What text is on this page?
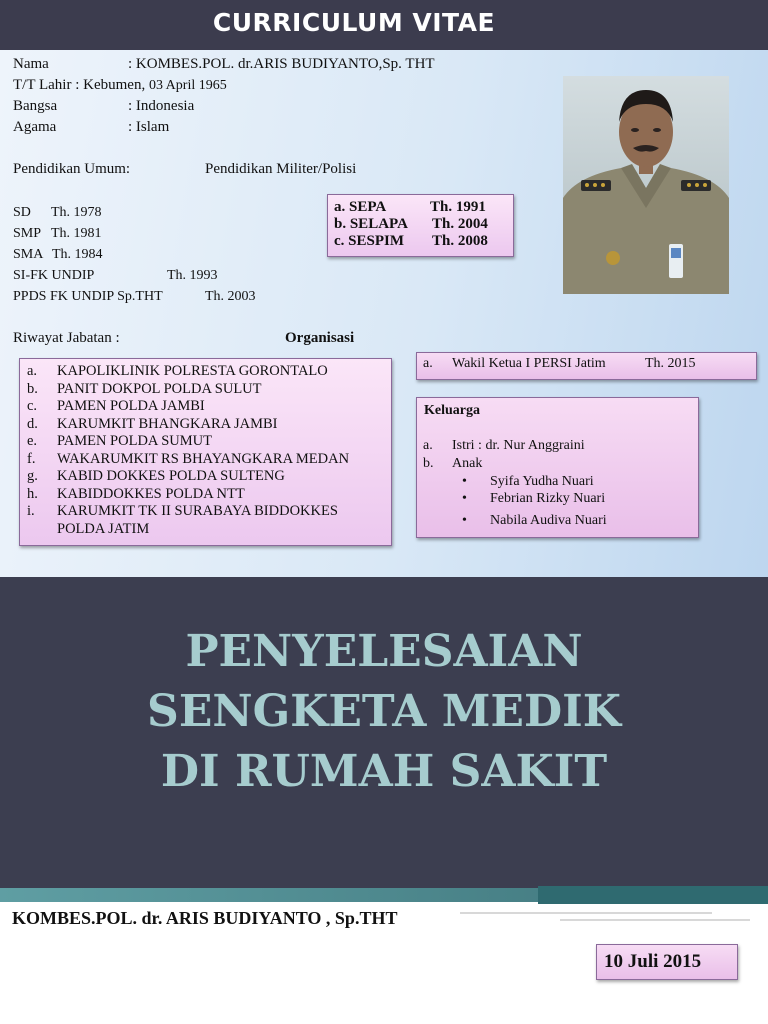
CURRICULUM VITAE
Nama	: KOMBES.POL. dr.ARIS BUDIYANTO,Sp. THT
T/T Lahir : Kebumen, 03 April 1965
Bangsa	: Indonesia
Agama	: Islam
Pendidikan Umum:	Pendidikan Militer/Polisi
SD Th. 1978
SMP Th. 1981
SMA Th. 1984
SI-FK UNDIP	Th. 1993
PPDS FK UNDIP Sp.THT	Th. 2003
a. SEPA	Th. 1991
b. SELAPA Th. 2004
c. SESPIM Th. 2008
Riwayat Jabatan :	Organisasi
a. KAPOLIKLINIK POLRESTA GORONTALO
b. PANIT DOKPOL POLDA SULUT
c. PAMEN POLDA JAMBI
d. KARUMKIT BHANGKARA JAMBI
e. PAMEN POLDA SUMUT
f. WAKARUMKIT RS BHAYANGKARA MEDAN
g. KABID DOKKES POLDA SULTENG
h. KABIDDOKKES POLDA NTT
i. KARUMKIT TK II SURABAYA BIDDOKKES
POLDA JATIM
a. Wakil Ketua I PERSI Jatim	Th. 2015
Keluarga
a. Istri : dr. Nur Anggraini
b. Anak
• Syifa Yudha Nuari
• Febrian Rizky Nuari
• Nabila Audiva Nuari
PENYELESAIAN
SENGKETA MEDIK
DI RUMAH SAKIT
KOMBES.POL. dr. ARIS BUDIYANTO , Sp.THT
10 Juli 2015
